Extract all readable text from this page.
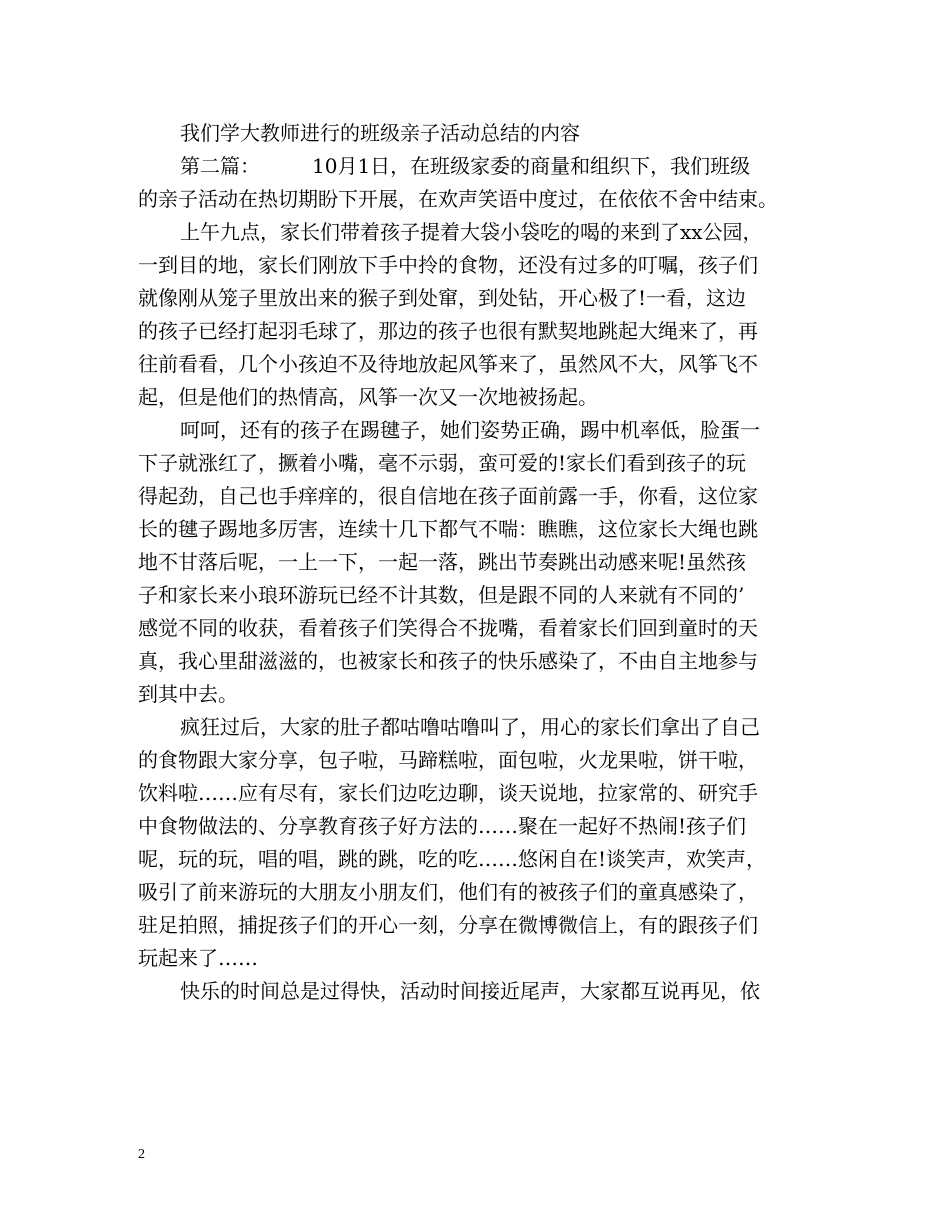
我们学大教师进行的班级亲子活动总结的内容
第二篇：	10月1日，在班级家委的商量和组织下，我们班级
的亲子活动在热切期盼下开展，在欢声笑语中度过，在依依不舍中结束。
上午九点，家长们带着孩子提着大袋小袋吃的喝的来到了xx公园，
一到目的地，家长们刚放下手中拎的食物，还没有过多的叮嘱，孩子们
就像刚从笼子里放出来的猴子到处窜，到处钻，开心极了!一看，这边
的孩子已经打起羽毛球了，那边的孩子也很有默契地跳起大绳来了，再
往前看看，几个小孩迫不及待地放起风筝来了，虽然风不大，风筝飞不
起，但是他们的热情高，风筝一次又一次地被扬起。
呵呵，还有的孩子在踢毽子，她们姿势正确，踢中机率低，脸蛋一
下子就涨红了，撅着小嘴，毫不示弱，蛮可爱的!家长们看到孩子的玩
得起劲，自己也手痒痒的，很自信地在孩子面前露一手，你看，这位家
长的毽子踢地多厉害，连续十几下都气不喘：瞧瞧，这位家长大绳也跳
地不甘落后呢，一上一下，一起一落，跳出节奏跳出动感来呢!虽然孩
子和家长来小琅环游玩已经不计其数，但是跟不同的人来就有不同的’
感觉不同的收获，看着孩子们笑得合不拢嘴，看着家长们回到童时的天
真，我心里甜滋滋的，也被家长和孩子的快乐感染了，不由自主地参与
到其中去。
疯狂过后，大家的肚子都咕噜咕噜叫了，用心的家长们拿出了自己
的食物跟大家分享，包子啦，马蹄糕啦，面包啦，火龙果啦，饼干啦，
饮料啦……应有尽有，家长们边吃边聊，谈天说地，拉家常的、研究手
中食物做法的、分享教育孩子好方法的……聚在一起好不热闹!孩子们
呢，玩的玩，唱的唱，跳的跳，吃的吃……悠闲自在!谈笑声，欢笑声，
吸引了前来游玩的大朋友小朋友们，他们有的被孩子们的童真感染了，
驻足拍照，捕捉孩子们的开心一刻，分享在微博微信上，有的跟孩子们
玩起来了……
快乐的时间总是过得快，活动时间接近尾声，大家都互说再见，依
2
